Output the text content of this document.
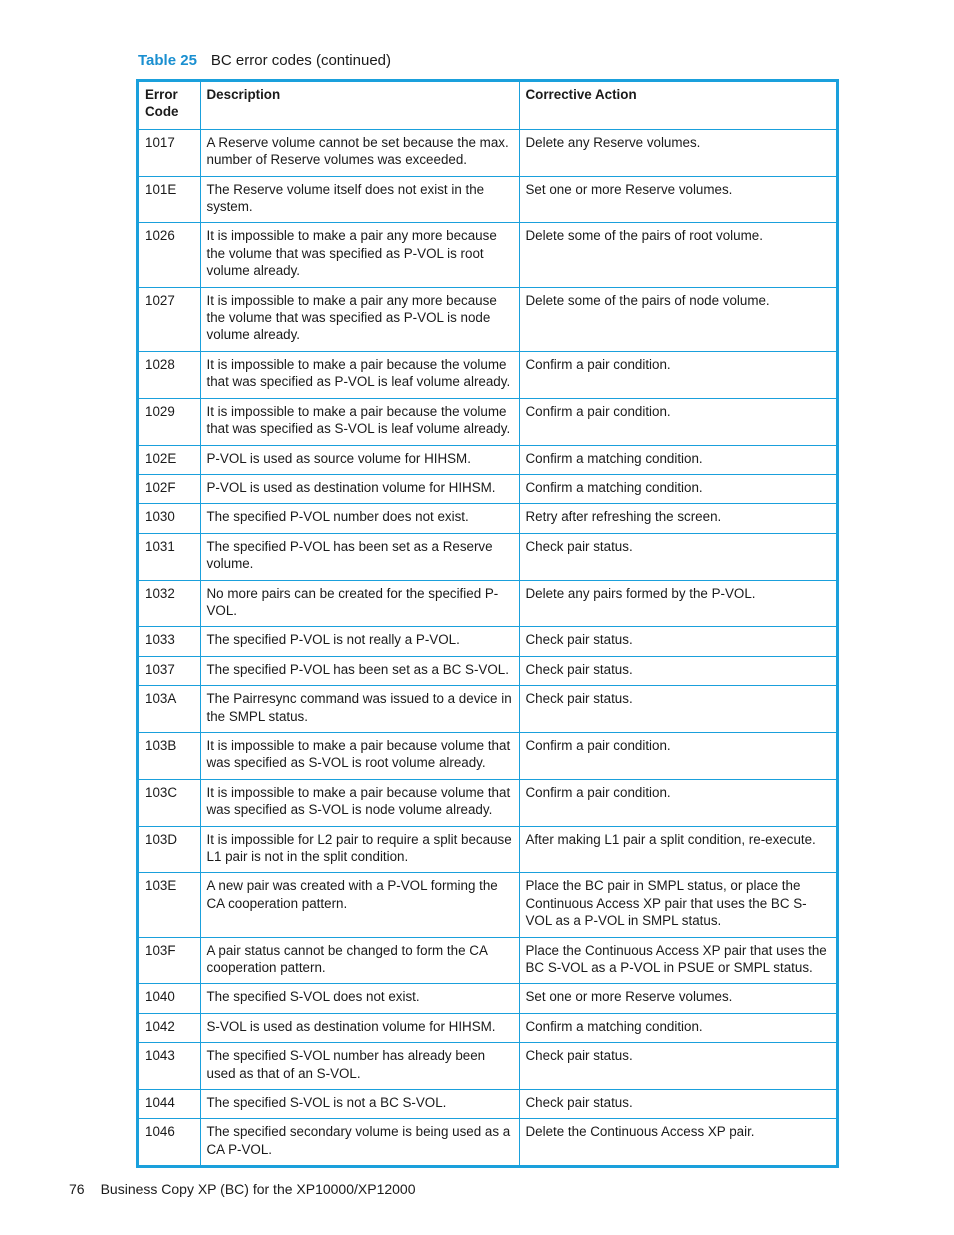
Table 25 BC error codes (continued)
Error Code	Description	Corrective Action
1017	A Reserve volume cannot be set because the max. number of Reserve volumes was exceeded.	Delete any Reserve volumes.
101E	The Reserve volume itself does not exist in the system.	Set one or more Reserve volumes.
1026	It is impossible to make a pair any more because the volume that was specified as P-VOL is root volume already.	Delete some of the pairs of root volume.
1027	It is impossible to make a pair any more because the volume that was specified as P-VOL is node volume already.	Delete some of the pairs of node volume.
1028	It is impossible to make a pair because the volume that was specified as P-VOL is leaf volume already.	Confirm a pair condition.
1029	It is impossible to make a pair because the volume that was specified as S-VOL is leaf volume already.	Confirm a pair condition.
102E	P-VOL is used as source volume for HIHSM.	Confirm a matching condition.
102F	P-VOL is used as destination volume for HIHSM.	Confirm a matching condition.
1030	The specified P-VOL number does not exist.	Retry after refreshing the screen.
1031	The specified P-VOL has been set as a Reserve volume.	Check pair status.
1032	No more pairs can be created for the specified P-VOL.	Delete any pairs formed by the P-VOL.
1033	The specified P-VOL is not really a P-VOL.	Check pair status.
1037	The specified P-VOL has been set as a BC S-VOL.	Check pair status.
103A	The Pairresync command was issued to a device in the SMPL status.	Check pair status.
103B	It is impossible to make a pair because volume that was specified as S-VOL is root volume already.	Confirm a pair condition.
103C	It is impossible to make a pair because volume that was specified as S-VOL is node volume already.	Confirm a pair condition.
103D	It is impossible for L2 pair to require a split because L1 pair is not in the split condition.	After making L1 pair a split condition, re-execute.
103E	A new pair was created with a P-VOL forming the CA cooperation pattern.	Place the BC pair in SMPL status, or place the Continuous Access XP pair that uses the BC S-VOL as a P-VOL in SMPL status.
103F	A pair status cannot be changed to form the CA cooperation pattern.	Place the Continuous Access XP pair that uses the BC S-VOL as a P-VOL in PSUE or SMPL status.
1040	The specified S-VOL does not exist.	Set one or more Reserve volumes.
1042	S-VOL is used as destination volume for HIHSM.	Confirm a matching condition.
1043	The specified S-VOL number has already been used as that of an S-VOL.	Check pair status.
1044	The specified S-VOL is not a BC S-VOL.	Check pair status.
1046	The specified secondary volume is being used as a CA P-VOL.	Delete the Continuous Access XP pair.
76 Business Copy XP (BC) for the XP10000/XP12000
